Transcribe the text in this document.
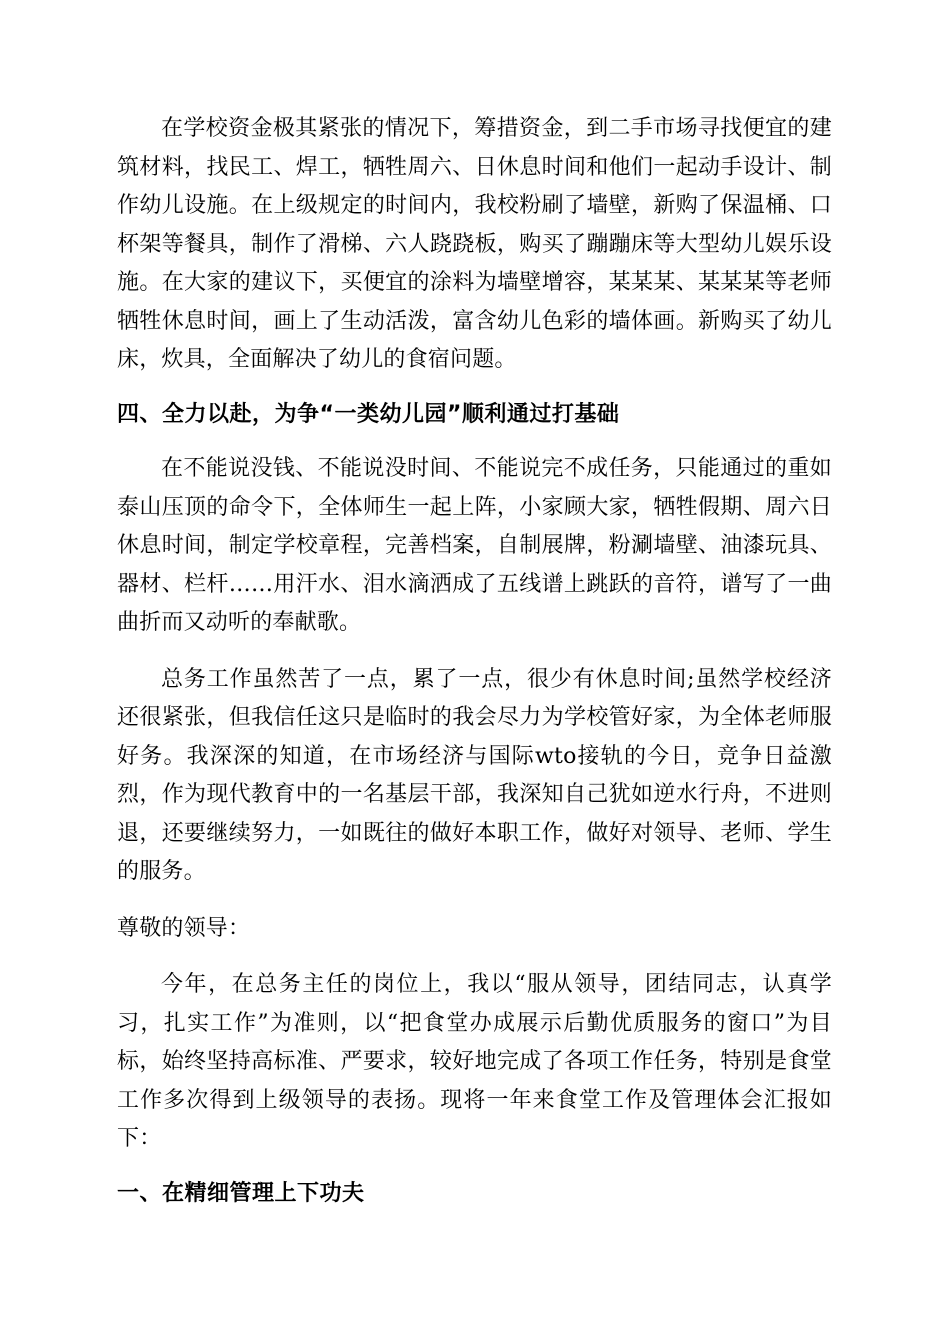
在学校资金极其紧张的情况下，筹措资金，到二手市场寻找便宜的建筑材料，找民工、焊工，牺牲周六、日休息时间和他们一起动手设计、制作幼儿设施。在上级规定的时间内，我校粉刷了墙壁，新购了保温桶、口杯架等餐具，制作了滑梯、六人跷跷板，购买了蹦蹦床等大型幼儿娱乐设施。在大家的建议下，买便宜的涂料为墙壁增容，某某某、某某某等老师牺牲休息时间，画上了生动活泼，富含幼儿色彩的墙体画。新购买了幼儿床，炊具，全面解决了幼儿的食宿问题。

四、全力以赴，为争“一类幼儿园”顺利通过打基础

在不能说没钱、不能说没时间、不能说完不成任务，只能通过的重如泰山压顶的命令下，全体师生一起上阵，小家顾大家，牺牲假期、周六日休息时间，制定学校章程，完善档案，自制展牌，粉涮墙壁、油漆玩具、器材、栏杆……用汗水、泪水滴洒成了五线谱上跳跃的音符，谱写了一曲曲折而又动听的奉献歌。

总务工作虽然苦了一点，累了一点，很少有休息时间;虽然学校经济还很紧张，但我信任这只是临时的我会尽力为学校管好家，为全体老师服好务。我深深的知道，在市场经济与国际wto接轨的今日，竞争日益激烈，作为现代教育中的一名基层干部，我深知自己犹如逆水行舟，不进则退，还要继续努力，一如既往的做好本职工作，做好对领导、老师、学生的服务。

尊敬的领导：

今年，在总务主任的岗位上，我以“服从领导，团结同志，认真学习，扎实工作”为准则，以“把食堂办成展示后勤优质服务的窗口”为目标，始终坚持高标准、严要求，较好地完成了各项工作任务，特别是食堂工作多次得到上级领导的表扬。现将一年来食堂工作及管理体会汇报如下：

一、在精细管理上下功夫
